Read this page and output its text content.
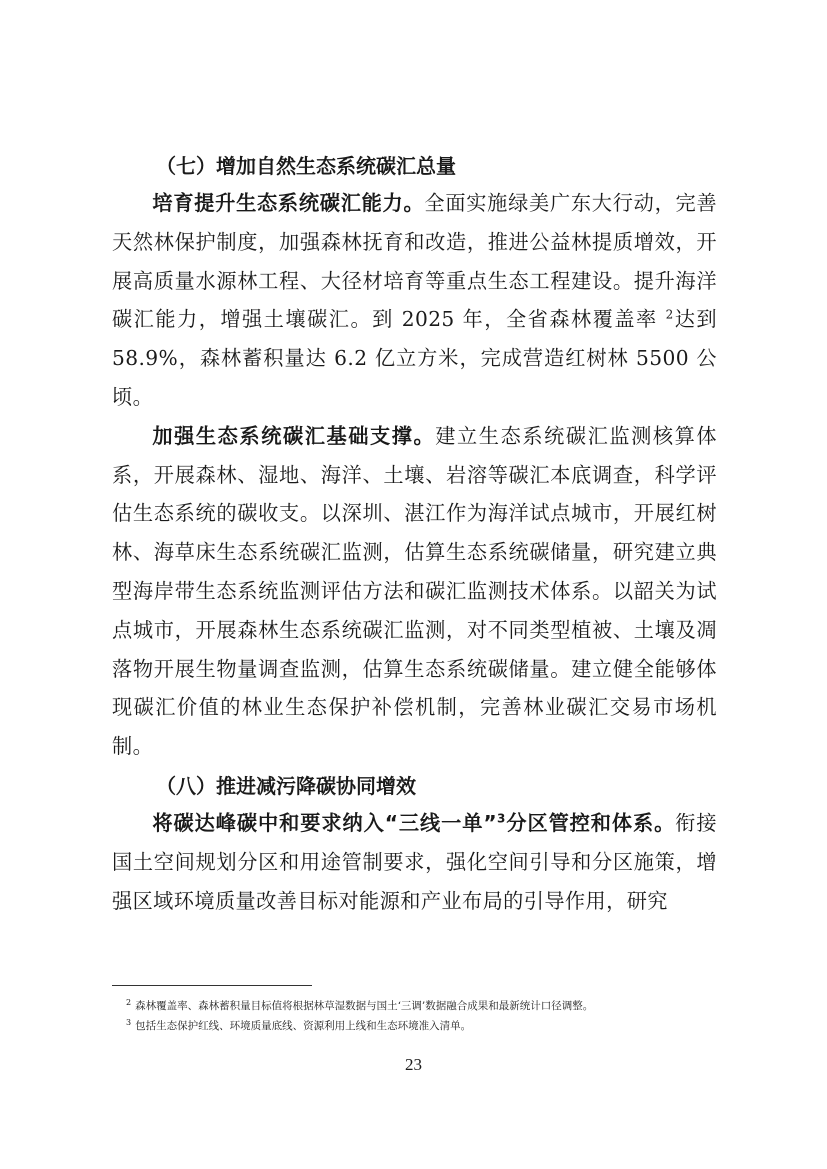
（七）增加自然生态系统碳汇总量

培育提升生态系统碳汇能力。全面实施绿美广东大行动，完善天然林保护制度，加强森林抚育和改造，推进公益林提质增效，开展高质量水源林工程、大径材培育等重点生态工程建设。提升海洋碳汇能力，增强土壤碳汇。到 2025 年，全省森林覆盖率 $^2$达到 58.9%，森林蓄积量达 6.2 亿立方米，完成营造红树林 5500 公顷。

加强生态系统碳汇基础支撑。建立生态系统碳汇监测核算体系，开展森林、湿地、海洋、土壤、岩溶等碳汇本底调查，科学评估生态系统的碳收支。以深圳、湛江作为海洋试点城市，开展红树林、海草床生态系统碳汇监测，估算生态系统碳储量，研究建立典型海岸带生态系统监测评估方法和碳汇监测技术体系。以韶关为试点城市，开展森林生态系统碳汇监测，对不同类型植被、土壤及凋落物开展生物量调查监测，估算生态系统碳储量。建立健全能够体现碳汇价值的林业生态保护补偿机制，完善林业碳汇交易市场机制。

（八）推进减污降碳协同增效

将碳达峰碳中和要求纳入“三线一单”$^3$分区管控和体系。衔接国土空间规划分区和用途管制要求，强化空间引导和分区施策，增强区域环境质量改善目标对能源和产业布局的引导作用，研究

$^2$ 森林覆盖率、森林蓄积量目标值将根据林草湿数据与国土‘三调’数据融合成果和最新统计口径调整。
$^3$ 包括生态保护红线、环境质量底线、资源利用上线和生态环境准入清单。
23
